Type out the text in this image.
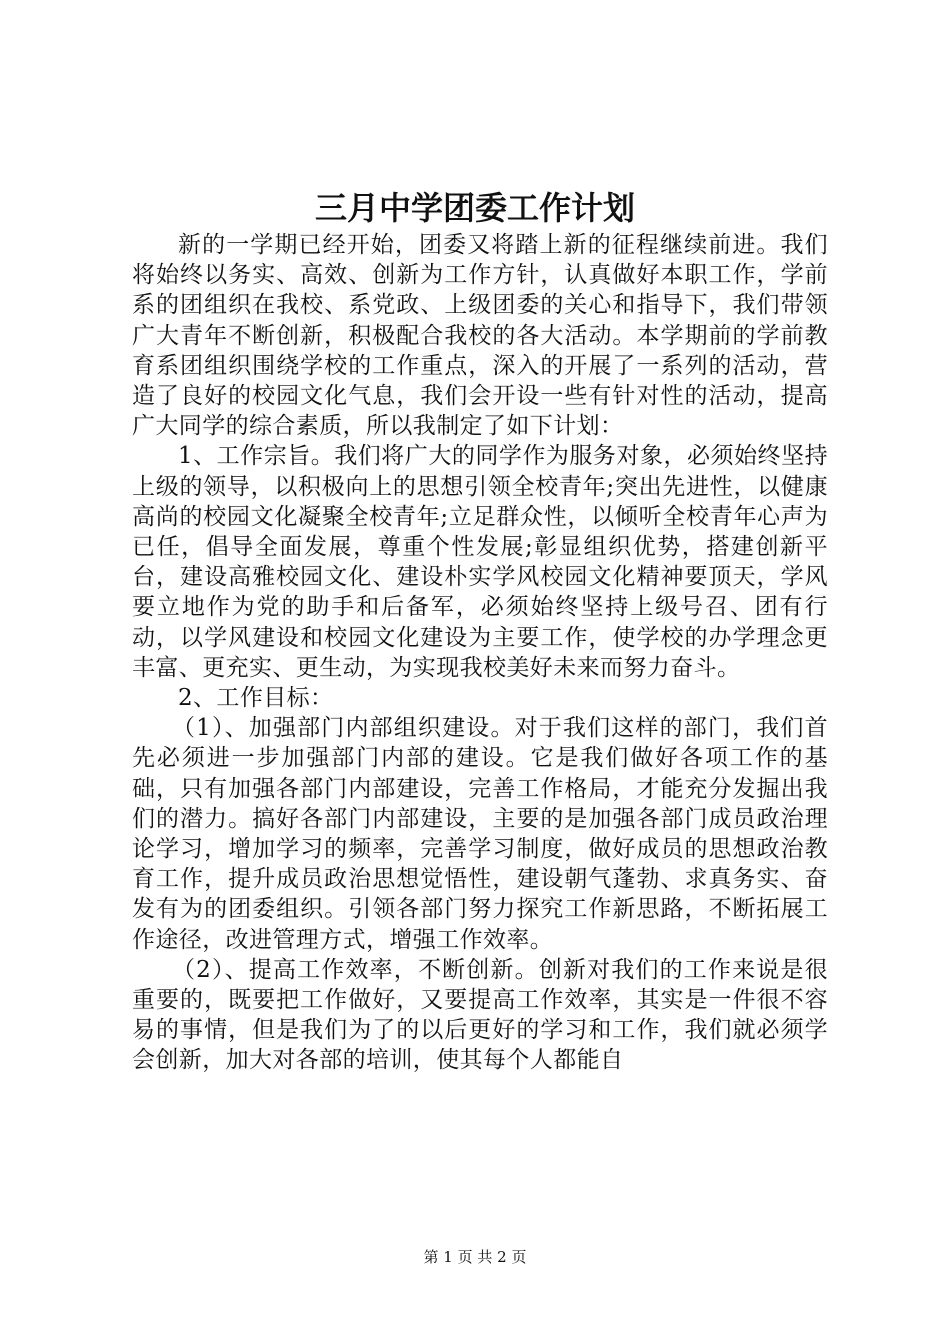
三月中学团委工作计划

新的一学期已经开始，团委又将踏上新的征程继续前进。我们将始终以务实、高效、创新为工作方针，认真做好本职工作，学前系的团组织在我校、系党政、上级团委的关心和指导下，我们带领广大青年不断创新，积极配合我校的各大活动。本学期前的学前教育系团组织围绕学校的工作重点，深入的开展了一系列的活动，营造了良好的校园文化气息，我们会开设一些有针对性的活动，提高广大同学的综合素质，所以我制定了如下计划：

1、工作宗旨。我们将广大的同学作为服务对象，必须始终坚持上级的领导，以积极向上的思想引领全校青年;突出先进性，以健康高尚的校园文化凝聚全校青年;立足群众性，以倾听全校青年心声为已任，倡导全面发展，尊重个性发展;彰显组织优势，搭建创新平台，建设高雅校园文化、建设朴实学风校园文化精神要顶天，学风要立地作为党的助手和后备军，必须始终坚持上级号召、团有行动，以学风建设和校园文化建设为主要工作，使学校的办学理念更丰富、更充实、更生动，为实现我校美好未来而努力奋斗。

2、工作目标：

（1）、加强部门内部组织建设。对于我们这样的部门，我们首先必须进一步加强部门内部的建设。它是我们做好各项工作的基础，只有加强各部门内部建设，完善工作格局，才能充分发掘出我们的潜力。搞好各部门内部建设，主要的是加强各部门成员政治理论学习，增加学习的频率，完善学习制度，做好成员的思想政治教育工作，提升成员政治思想觉悟性，建设朝气蓬勃、求真务实、奋发有为的团委组织。引领各部门努力探究工作新思路，不断拓展工作途径，改进管理方式，增强工作效率。

（2）、提高工作效率，不断创新。创新对我们的工作来说是很重要的，既要把工作做好，又要提高工作效率，其实是一件很不容易的事情，但是我们为了的以后更好的学习和工作，我们就必须学会创新，加大对各部的培训，使其每个人都能自

第 1 页 共 2 页
